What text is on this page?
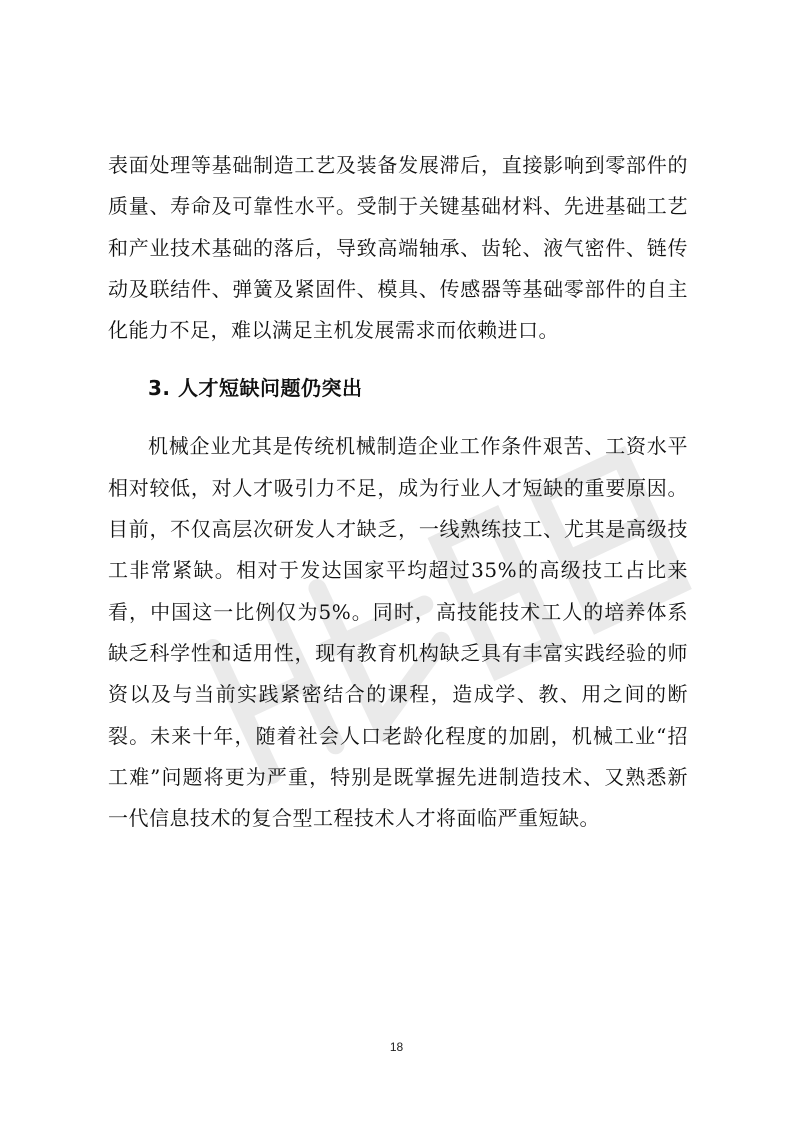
表面处理等基础制造工艺及装备发展滞后，直接影响到零部件的质量、寿命及可靠性水平。受制于关键基础材料、先进基础工艺和产业技术基础的落后，导致高端轴承、齿轮、液气密件、链传动及联结件、弹簧及紧固件、模具、传感器等基础零部件的自主化能力不足，难以满足主机发展需求而依赖进口。

3. 人才短缺问题仍突出

机械企业尤其是传统机械制造企业工作条件艰苦、工资水平相对较低，对人才吸引力不足，成为行业人才短缺的重要原因。目前，不仅高层次研发人才缺乏，一线熟练技工、尤其是高级技工非常紧缺。相对于发达国家平均超过35%的高级技工占比来看，中国这一比例仅为5%。同时，高技能技术工人的培养体系缺乏科学性和适用性，现有教育机构缺乏具有丰富实践经验的师资以及与当前实践紧密结合的课程，造成学、教、用之间的断裂。未来十年，随着社会人口老龄化程度的加剧，机械工业“招工难”问题将更为严重，特别是既掌握先进制造技术、又熟悉新一代信息技术的复合型工程技术人才将面临严重短缺。

18
